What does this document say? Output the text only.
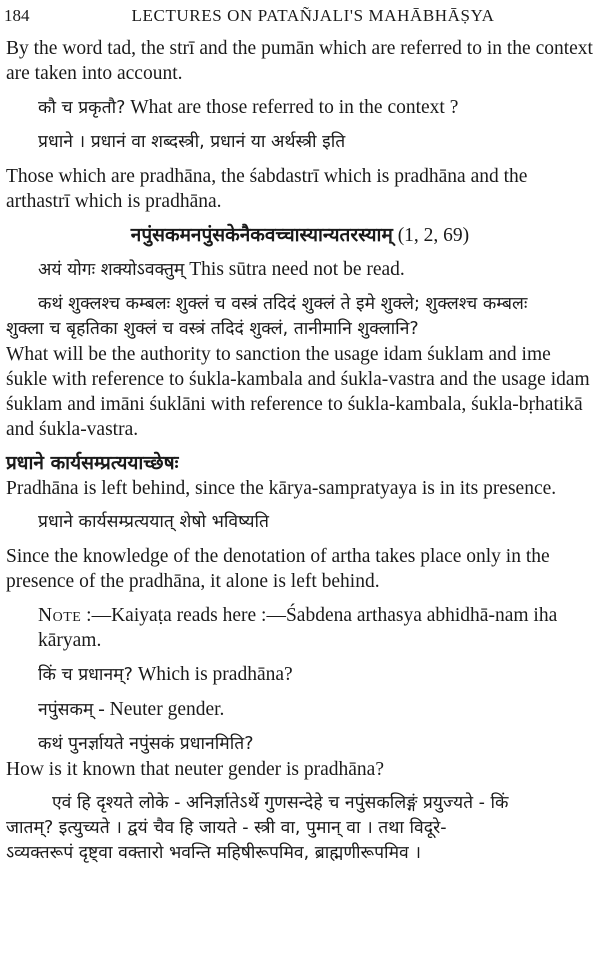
184	LECTURES ON PATAÑJALI'S MAHĀBHĀṢYA

By the word tad, the strī and the pumān which are referred to in the context are taken into account.

कौ च प्रकृतौ? What are those referred to in the context ?

प्रधाने । प्रधानं वा शब्दस्त्री, प्रधानं या अर्थस्त्री इति

Those which are pradhāna, the śabdastrī which is pradhāna and the arthastrī which is pradhāna.

नपुंसकमनपुंसकेनैकवच्चास्यान्यतरस्याम् (1, 2, 69)

अयं योगः शक्योऽवक्तुम् This sūtra need not be read.

कथं शुक्लश्च कम्बलः शुक्लं च वस्त्रं तदिदं शुक्लं ते इमे शुक्ले; शुक्लश्च कम्बलः

शुक्ला च बृहतिका शुक्लं च वस्त्रं तदिदं शुक्लं, तानीमानि शुक्लानि?

What will be the authority to sanction the usage idam śuklam and ime śukle with reference to śukla-kambala and śukla-vastra and the usage idam śuklam and imāni śuklāni with reference to śukla-kambala, śukla-bṛhatikā and śukla-vastra.

प्रधाने कार्यसम्प्रत्ययाच्छेषः

Pradhāna is left behind, since the kārya-sampratyaya is in its presence.

प्रधाने कार्यसम्प्रत्ययात् शेषो भविष्यति

Since the knowledge of the denotation of artha takes place only in the presence of the pradhāna, it alone is left behind.

Note :—Kaiyaṭa reads here :—Śabdena arthasya abhidhā-nam iha kāryam.

किं च प्रधानम्? Which is pradhāna?

नपुंसकम् - Neuter gender.

कथं पुनर्ज्ञायते नपुंसकं प्रधानमिति?

How is it known that neuter gender is pradhāna?

एवं हि दृश्यते लोके - अनिर्ज्ञातेऽर्थे गुणसन्देहे च नपुंसकलिङ्गं प्रयुज्यते - किं

जातम्? इत्युच्यते । द्वयं चैव हि जायते - स्त्री वा, पुमान् वा । तथा विदूरे-

ऽव्यक्तरूपं दृष्ट्वा वक्तारो भवन्ति महिषीरूपमिव, ब्राह्मणीरूपमिव ।
